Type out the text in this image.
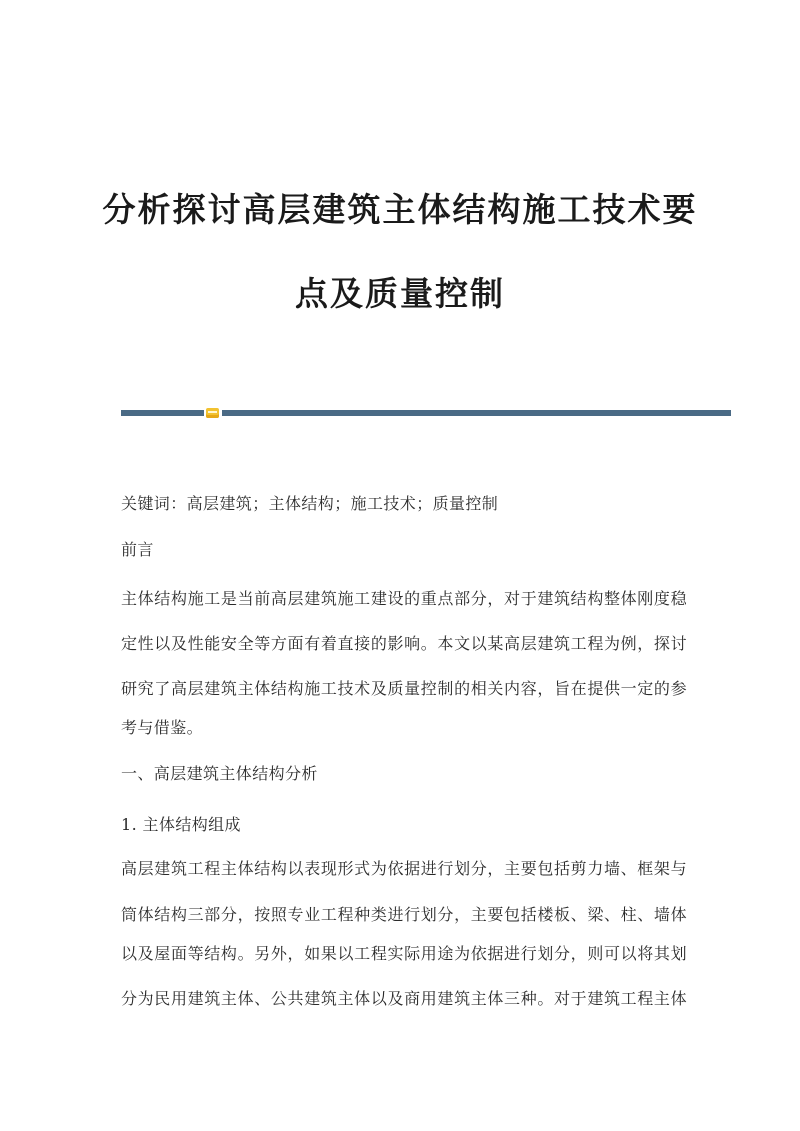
分析探讨高层建筑主体结构施工技术要
点及质量控制

关键词：高层建筑；主体结构；施工技术；质量控制

前言

主体结构施工是当前高层建筑施工建设的重点部分，对于建筑结构整体刚度稳

定性以及性能安全等方面有着直接的影响。本文以某高层建筑工程为例，探讨

研究了高层建筑主体结构施工技术及质量控制的相关内容，旨在提供一定的参

考与借鉴。

一、高层建筑主体结构分析

1. 主体结构组成

高层建筑工程主体结构以表现形式为依据进行划分，主要包括剪力墙、框架与

筒体结构三部分，按照专业工程种类进行划分，主要包括楼板、梁、柱、墙体

以及屋面等结构。另外，如果以工程实际用途为依据进行划分，则可以将其划

分为民用建筑主体、公共建筑主体以及商用建筑主体三种。对于建筑工程主体
